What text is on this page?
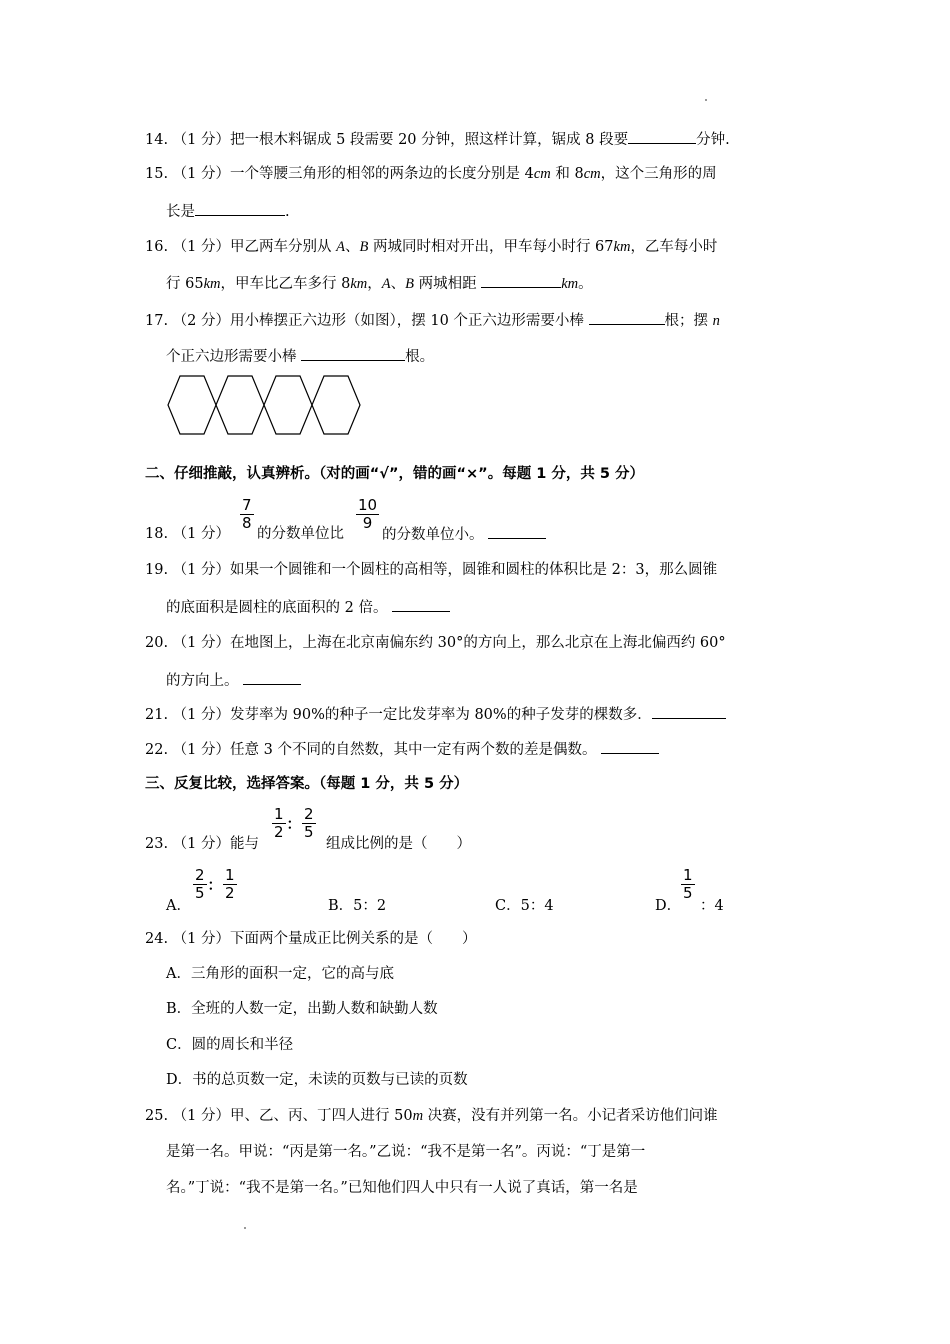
14. （1 分）把一根木料锯成 5 段需要 20 分钟，照这样计算，锯成 8 段要	分钟.
15. （1 分）一个等腰三角形的相邻的两条边的长度分别是 4cm 和 8cm，这个三角形的周
长是	.
16. （1 分）甲乙两车分别从 A、B 两城同时相对开出，甲车每小时行 67km，乙车每小时
行 65km，甲车比乙车多行 8km，A、B 两城相距	km。
17. （2 分）用小棒摆正六边形（如图），摆 10 个正六边形需要小棒	根；摆 n
个正六边形需要小棒	根。
二、仔细推敲，认真辨析。（对的画“√”，错的画“×”。每题 1 分，共 5 分）
18. （1 分）
$\frac{7}{8}$
的分数单位比
$\frac{10}{9}$
的分数单位小。
19. （1 分）如果一个圆锥和一个圆柱的高相等，圆锥和圆柱的体积比是 2：3，那么圆锥
的底面积是圆柱的底面积的 2 倍。
20. （1 分）在地图上，上海在北京南偏东约 30°的方向上，那么北京在上海北偏西约 60°
的方向上。
21. （1 分）发芽率为 90%的种子一定比发芽率为 80%的种子发芽的棵数多．
22. （1 分）任意 3 个不同的自然数，其中一定有两个数的差是偶数。
三、反复比较，选择答案。（每题 1 分，共 5 分）
23. （1 分）能与
$\frac{1}{2}$ ： $\frac{2}{5}$
组成比例的是（　　）
A．
$\frac{2}{5}$ ： $\frac{1}{2}$
B．5：2	C．5：4	D．
$\frac{1}{5}$
：4
24. （1 分）下面两个量成正比例关系的是（　　）
A．三角形的面积一定，它的高与底
B．全班的人数一定，出勤人数和缺勤人数
C．圆的周长和半径
D．书的总页数一定，未读的页数与已读的页数
25. （1 分）甲、乙、丙、丁四人进行 50m 决赛，没有并列第一名。小记者采访他们问谁
是第一名。甲说：“丙是第一名。”乙说：“我不是第一名”。丙说：“丁是第一
名。”丁说：“我不是第一名。”已知他们四人中只有一人说了真话，第一名是
